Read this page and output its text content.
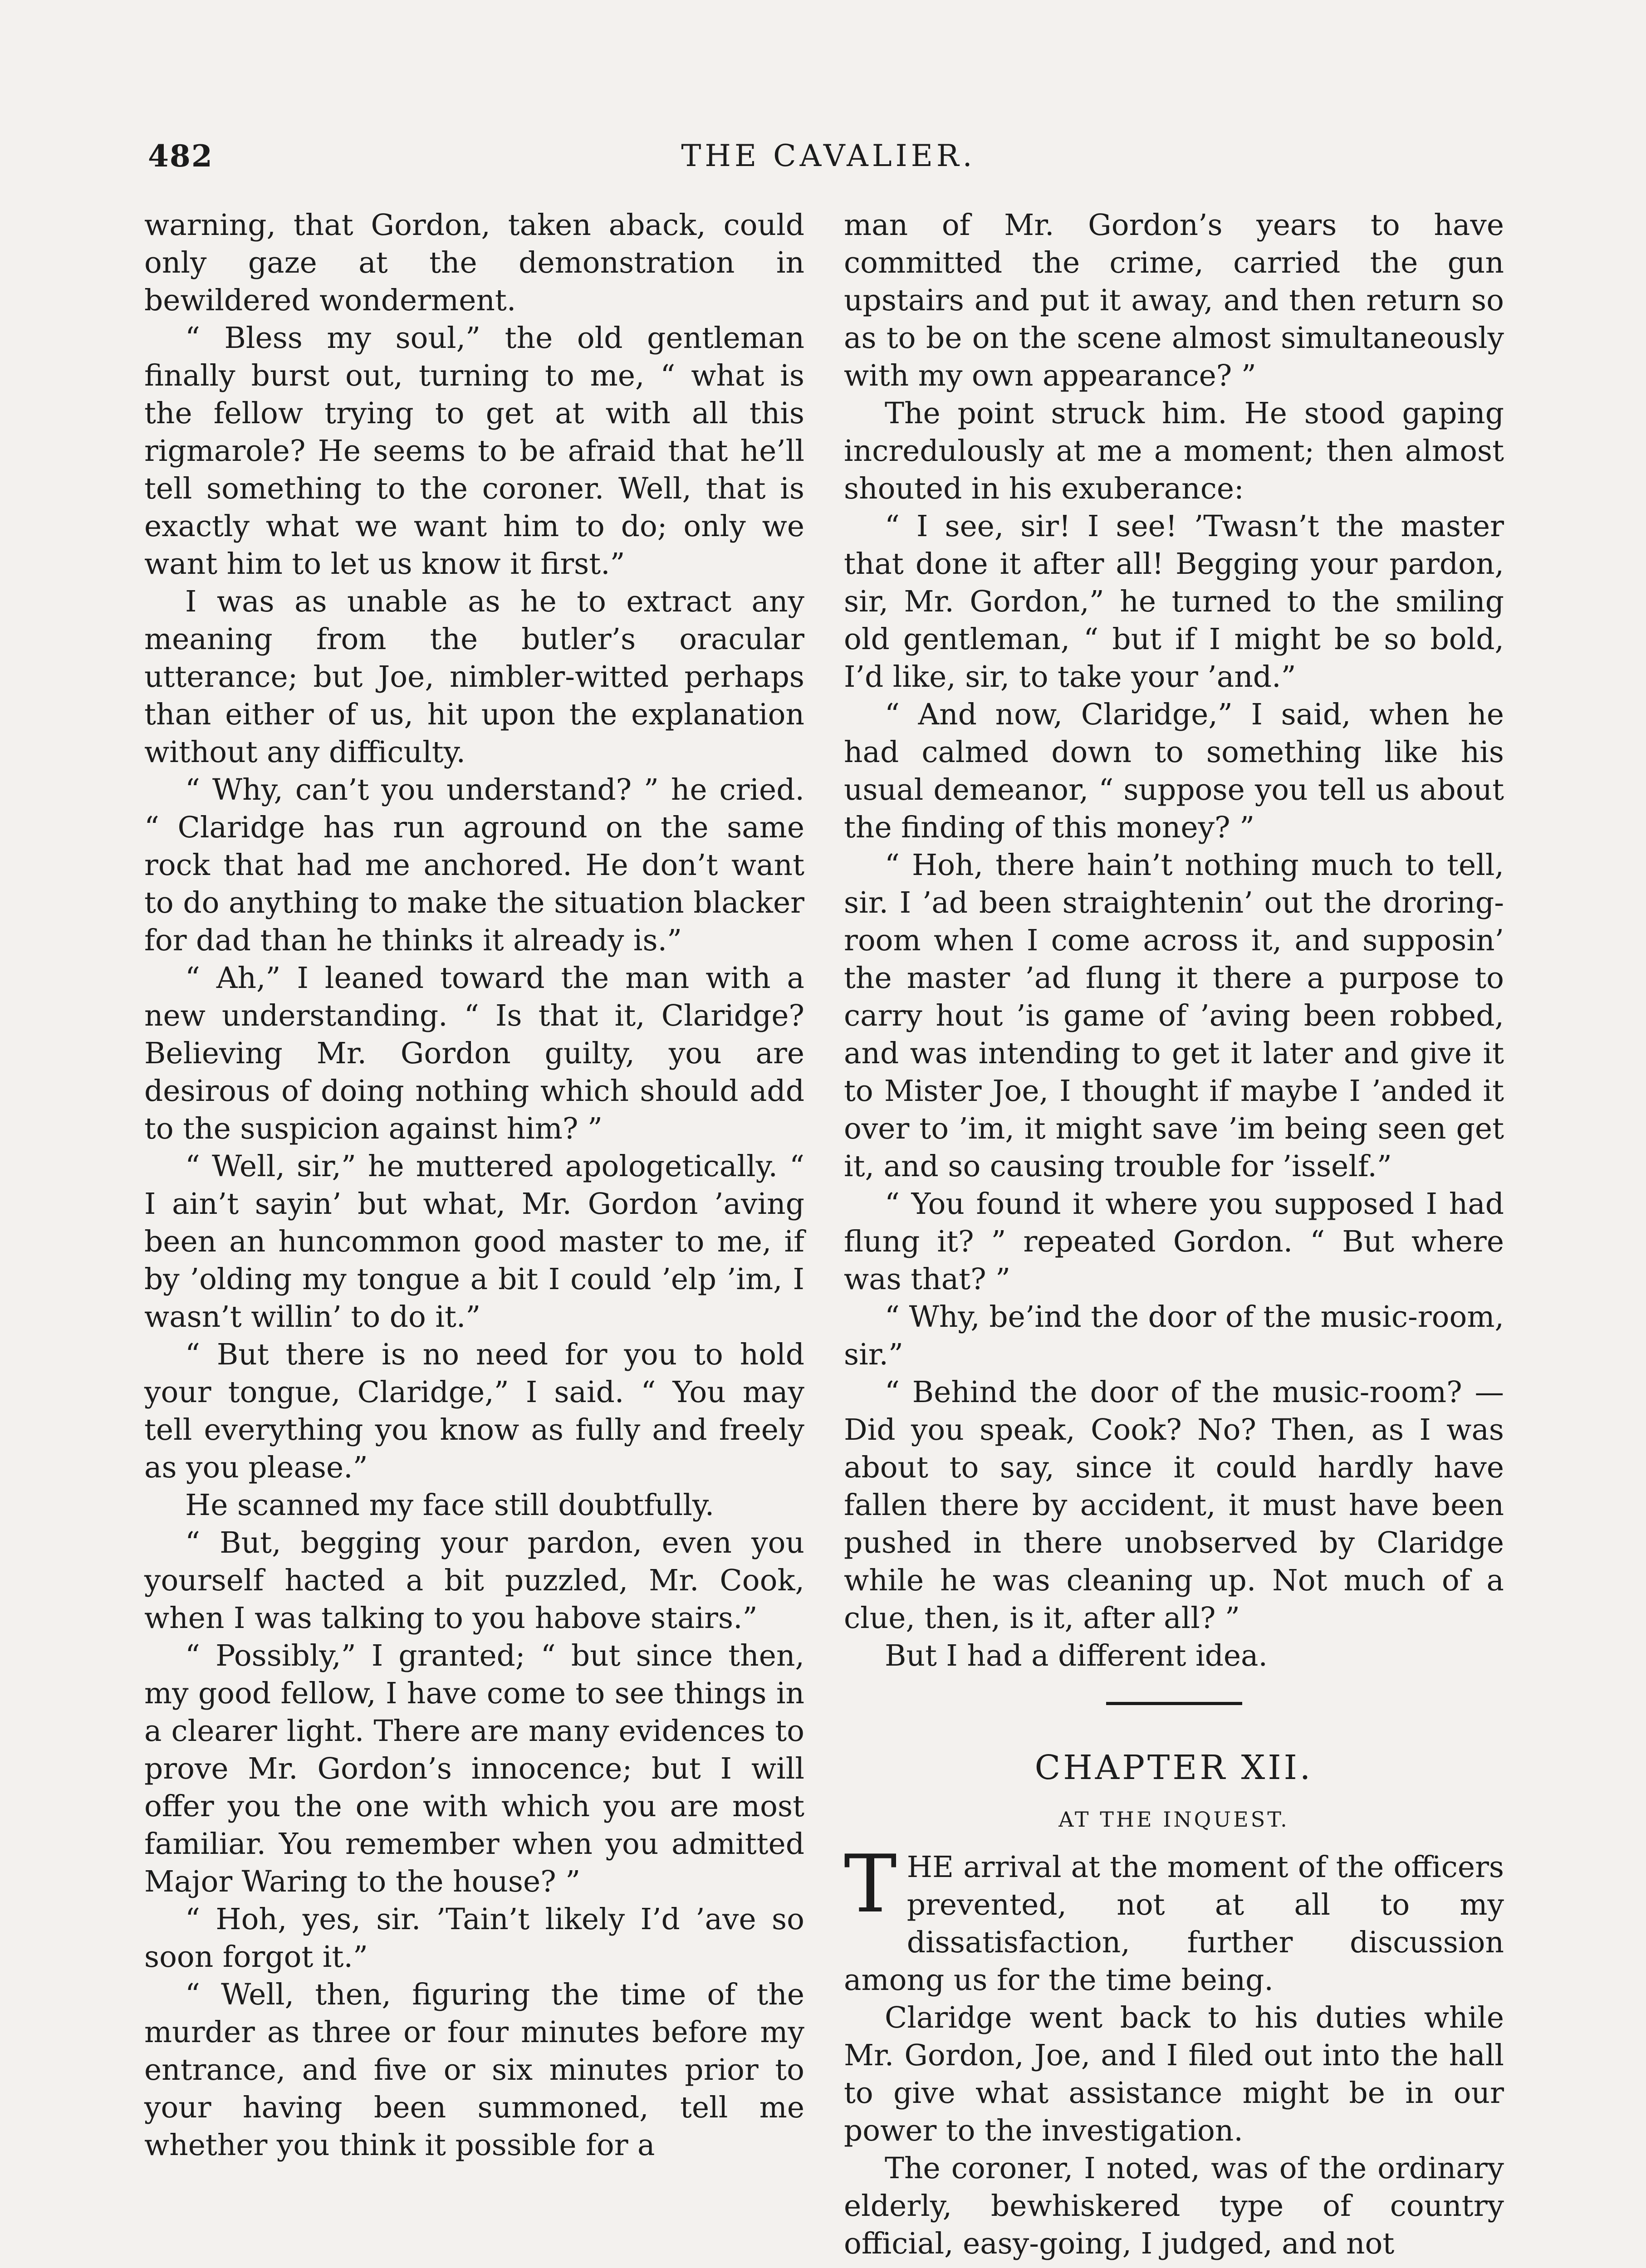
482	THE CAVALIER.

warning, that Gordon, taken aback, could only gaze at the demonstration in bewildered wonderment.

“ Bless my soul,” the old gentleman finally burst out, turning to me, “ what is the fellow trying to get at with all this rigmarole? He seems to be afraid that he’ll tell something to the coroner. Well, that is exactly what we want him to do; only we want him to let us know it first.”

I was as unable as he to extract any meaning from the butler’s oracular utterance; but Joe, nimbler-witted perhaps than either of us, hit upon the explanation without any difficulty.

“ Why, can’t you understand? ” he cried. “ Claridge has run aground on the same rock that had me anchored. He don’t want to do anything to make the situation blacker for dad than he thinks it already is.”

“ Ah,” I leaned toward the man with a new understanding. “ Is that it, Claridge? Believing Mr. Gordon guilty, you are desirous of doing nothing which should add to the suspicion against him? ”

“ Well, sir,” he muttered apologetically. “ I ain’t sayin’ but what, Mr. Gordon ’aving been an huncommon good master to me, if by ’olding my tongue a bit I could ’elp ’im, I wasn’t willin’ to do it.”

“ But there is no need for you to hold your tongue, Claridge,” I said. “ You may tell everything you know as fully and freely as you please.”

He scanned my face still doubtfully.

“ But, begging your pardon, even you yourself hacted a bit puzzled, Mr. Cook, when I was talking to you habove stairs.”

“ Possibly,” I granted; “ but since then, my good fellow, I have come to see things in a clearer light. There are many evidences to prove Mr. Gordon’s innocence; but I will offer you the one with which you are most familiar. You remember when you admitted Major Waring to the house? ”

“ Hoh, yes, sir. ’Tain’t likely I’d ’ave so soon forgot it.”

“ Well, then, figuring the time of the murder as three or four minutes before my entrance, and five or six minutes prior to your having been summoned, tell me whether you think it possible for a

man of Mr. Gordon’s years to have committed the crime, carried the gun upstairs and put it away, and then return so as to be on the scene almost simultaneously with my own appearance? ”

The point struck him. He stood gaping incredulously at me a moment; then almost shouted in his exuberance:

“ I see, sir! I see! ’Twasn’t the master that done it after all! Begging your pardon, sir, Mr. Gordon,” he turned to the smiling old gentleman, “ but if I might be so bold, I’d like, sir, to take your ’and.”

“ And now, Claridge,” I said, when he had calmed down to something like his usual demeanor, “ suppose you tell us about the finding of this money? ”

“ Hoh, there hain’t nothing much to tell, sir. I ’ad been straightenin’ out the droring-room when I come across it, and supposin’ the master ’ad flung it there a purpose to carry hout ’is game of ’aving been robbed, and was intending to get it later and give it to Mister Joe, I thought if maybe I ’anded it over to ’im, it might save ’im being seen get it, and so causing trouble for ’isself.”

“ You found it where you supposed I had flung it? ” repeated Gordon. “ But where was that? ”

“ Why, be’ind the door of the music-room, sir.”

“ Behind the door of the music-room? —Did you speak, Cook? No? Then, as I was about to say, since it could hardly have fallen there by accident, it must have been pushed in there unobserved by Claridge while he was cleaning up. Not much of a clue, then, is it, after all? ”

But I had a different idea.

CHAPTER XII.
AT THE INQUEST.
T HE arrival at the moment of the officers prevented, not at all to my dissatisfaction, further discussion among us for the time being.

Claridge went back to his duties while Mr. Gordon, Joe, and I filed out into the hall to give what assistance might be in our power to the investigation.

The coroner, I noted, was of the ordinary elderly, bewhiskered type of country official, easy-going, I judged, and not
